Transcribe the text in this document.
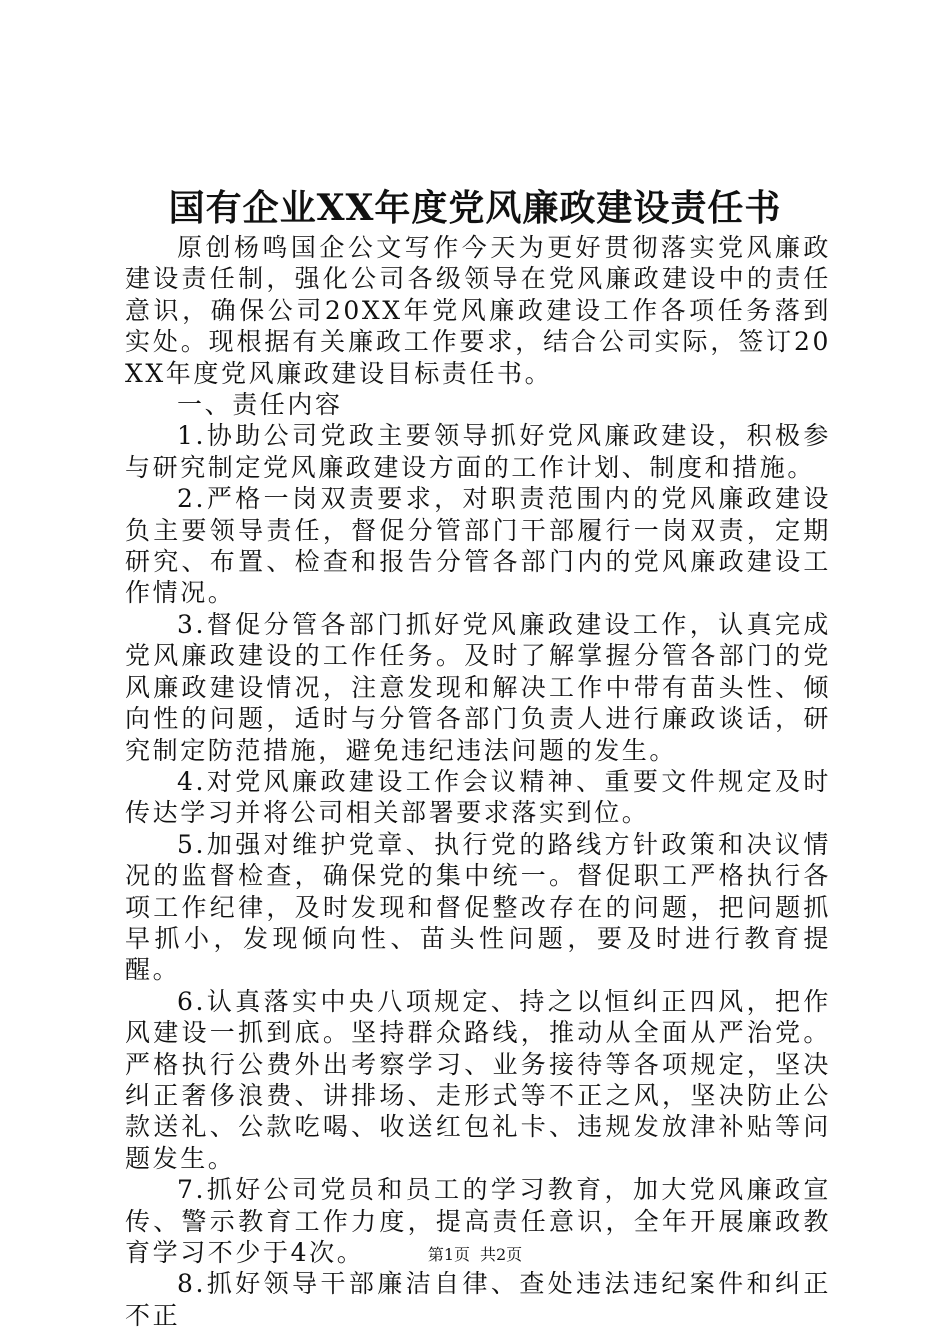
国有企业XX年度党风廉政建设责任书

原创杨鸣国企公文写作今天为更好贯彻落实党风廉政建设责任制，强化公司各级领导在党风廉政建设中的责任意识，确保公司20XX年党风廉政建设工作各项任务落到实处。现根据有关廉政工作要求，结合公司实际，签订20XX年度党风廉政建设目标责任书。

一、责任内容

1.协助公司党政主要领导抓好党风廉政建设，积极参与研究制定党风廉政建设方面的工作计划、制度和措施。

2.严格一岗双责要求，对职责范围内的党风廉政建设负主要领导责任，督促分管部门干部履行一岗双责，定期研究、布置、检查和报告分管各部门内的党风廉政建设工作情况。

3.督促分管各部门抓好党风廉政建设工作，认真完成党风廉政建设的工作任务。及时了解掌握分管各部门的党风廉政建设情况，注意发现和解决工作中带有苗头性、倾向性的问题，适时与分管各部门负责人进行廉政谈话，研究制定防范措施，避免违纪违法问题的发生。

4.对党风廉政建设工作会议精神、重要文件规定及时传达学习并将公司相关部署要求落实到位。

5.加强对维护党章、执行党的路线方针政策和决议情况的监督检查，确保党的集中统一。督促职工严格执行各项工作纪律，及时发现和督促整改存在的问题，把问题抓早抓小，发现倾向性、苗头性问题，要及时进行教育提醒。

6.认真落实中央八项规定、持之以恒纠正四风，把作风建设一抓到底。坚持群众路线，推动从全面从严治党。严格执行公费外出考察学习、业务接待等各项规定，坚决纠正奢侈浪费、讲排场、走形式等不正之风，坚决防止公款送礼、公款吃喝、收送红包礼卡、违规发放津补贴等问题发生。

7.抓好公司党员和员工的学习教育，加大党风廉政宣传、警示教育工作力度，提高责任意识，全年开展廉政教育学习不少于4次。

8.抓好领导干部廉洁自律、查处违法违纪案件和纠正不正

第1页 共2页
